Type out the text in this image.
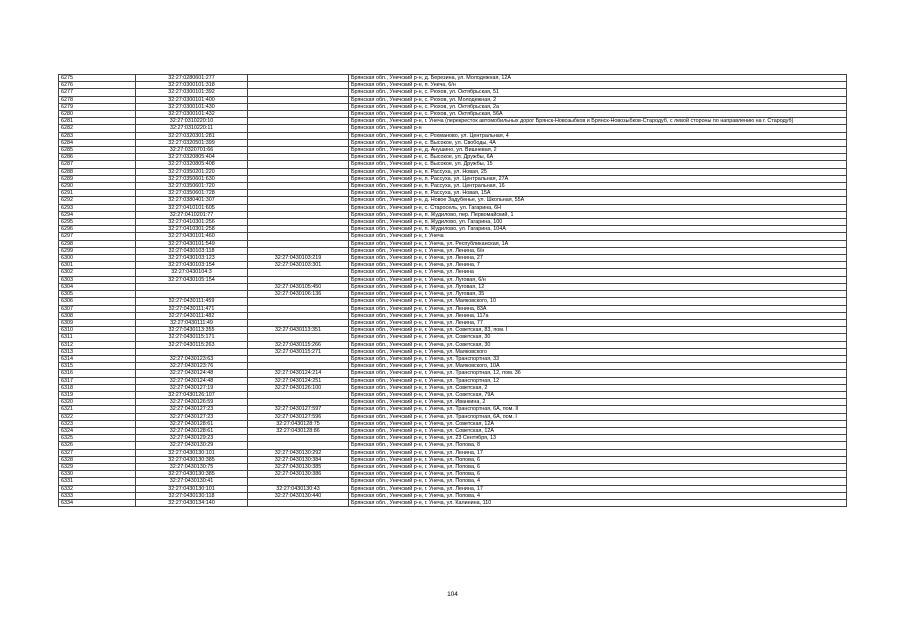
6275	32:27:0280601:277		Брянская обл., Унечский р-н, д. Березина, ул. Молодежная, 12А
6276	32:27:0300101:318		Брянская обл., Унечский р-н, п. Унеча, 6/н
6277	32:27:0300101:392		Брянская обл., Унечский р-н, с. Рюхов, ул. Октябрьская, 51
6278	32:27:0300101:400		Брянская обл., Унечский р-н, с. Рюхов, ул. Молодежная, 2
6279	32:27:0300101:430		Брянская обл., Унечский р-н, с. Рюхов, ул. Октябрьская, 2а
6280	32:27:0300101:432		Брянская обл., Унечский р-н, с. Рюхов, ул. Октябрьская, 56А
6281	32:27:0310220:10		Брянская обл., Унечский р-н, г. Унеча (перекресток автомобильных дорог Брянск-Новозыбков и Брянск-Новозыбков-Стародуб, с левой стороны по направлению на г. Стародуб)
6282	32:27:0310220:11		Брянская обл., Унечский р-н
6283	32:27:0320301:281		Брянская обл., Унечский р-н, с. Рохманово, ул. Центральная, 4
6284	32:27:0320501:399		Брянская обл., Унечский р-н, с. Высокое, ул. Свободы, 4А
6285	32:27:0320701:66		Брянская обл., Унечский р-н, д. Анушино, ул. Вишневая, 2
6286	32:27:0320805:404		Брянская обл., Унечский р-н, с. Высокое, ул. Дружбы, 6А
6287	32:27:0320805:408		Брянская обл., Унечский р-н, с. Высокое, ул. Дружбы, 15
6288	32:27:0350201:220		Брянская обл., Унечский р-н, п. Рассуха, ул. Новая, 25
6289	32:27:0350601:630		Брянская обл., Унечский р-н, п. Рассуха, ул. Центральная, 27А
6290	32:27:0350601:720		Брянская обл., Унечский р-н, п. Рассуха, ул. Центральная, 16
6291	32:27:0350601:728		Брянская обл., Унечский р-н, п. Рассуха, ул. Новая, 15А
6292	32:27:0380401:307		Брянская обл., Унечский р-н, д. Новое Задубенье, ул. Школьная, 55А
6293	32:27:0410101:605		Брянская обл., Унечский р-н, с. Старосель, ул. Гагарина, 6Н
6294	32:27:0410201:77		Брянская обл., Унечский р-н, п. Жудилово, пер. Первомайский, 1
6295	32:27:0410301:256		Брянская обл., Унечский р-н, п. Жудилово, ул. Гагарина, 100
6296	32:27:0410301:258		Брянская обл., Унечский р-н, п. Жудилово, ул. Гагарина, 104А
6297	32:27:0430101:460		Брянская обл., Унечский р-н, г. Унеча
6298	32:27:0430101:549		Брянская обл., Унечский р-н, г. Унеча, ул. Республиканская, 1А
6299	32:27:0430103:118		Брянская обл., Унечский р-н, г. Унеча, ул. Ленина, 6/н
6300	32:27:0430103:123	32:27:0430103:219	Брянская обл., Унечский р-н, г. Унеча, ул. Ленина, 27
6301	32:27:0430103:154	32:27:0430103:301	Брянская обл., Унечский р-н, г. Унеча, ул. Ленина, 7
6302	32:27:0430104:3		Брянская обл., Унечский р-н, г. Унеча, ул. Ленина
6303	32:27:0430105:154		Брянская обл., Унечский р-н, г. Унеча, ул. Луговая, 6/н
6304		32:27:0430105:450	Брянская обл., Унечский р-н, г. Унеча, ул. Луговая, 12
6305		32:27:0430106:136	Брянская обл., Унечский р-н, г. Унеча, ул. Луговая, 35
6306	32:27:0430111:459		Брянская обл., Унечский р-н, г. Унеча, ул. Маяковского, 10
6307	32:27:0430111:471		Брянская обл., Унечский р-н, г. Унеча, ул. Ленина, 83А
6308	32:27:0430111:482		Брянская обл., Унечский р-н, г. Унеча, ул. Ленина, 117а
6309	32:27:0430111:49		Брянская обл., Унечский р-н, г. Унеча, ул. Ленина, 77
6310	32:27:0430113:355	32:27:0430113:351	Брянская обл., Унечский р-н, г. Унеча, ул. Советская, 83, пом. I
6311	32:27:0430115:171		Брянская обл., Унечский р-н, г. Унеча, ул. Советская, 30
6312	32:27:0430115:263	32:27:0430115:266	Брянская обл., Унечский р-н, г. Унеча, ул. Советская, 30
6313		32:27:0430115:271	Брянская обл., Унечский р-н, г. Унеча, ул. Маяковского
6314	32:27:0430123:63		Брянская обл., Унечский р-н, г. Унеча, ул. Транспортная, 33
6315	32:27:0430123:76		Брянская обл., Унечский р-н, г. Унеча, ул. Маяковского, 10А
6316	32:27:0430124:48	32:27:0430124:214	Брянская обл., Унечский р-н, г. Унеча, ул. Транспортная, 12, пом. 36
6317	32:27:0430124:48	32:27:0430124:251	Брянская обл., Унечский р-н, г. Унеча, ул. Транспортная, 12
6318	32:27:0430127:19	32:27:0430126:100	Брянская обл., Унечский р-н, г. Унеча, ул. Советская, 2
6319	32:27:0430126:107		Брянская обл., Унечский р-н, г. Унеча, ул. Советская, 79А
6320	32:27:0430126:59		Брянская обл., Унечский р-н, г. Унеча, ул. Иванкина, 2
6321	32:27:0430127:23	32:27:0430127:597	Брянская обл., Унечский р-н, г. Унеча, ул. Транспортная, 6А, пом. II
6322	32:27:0430127:23	32:27:0430127:596	Брянская обл., Унечский р-н, г. Унеча, ул. Транспортная, 6А, пом. I
6323	32:27:0430128:61	32:27:0430128:75	Брянская обл., Унечский р-н, г. Унеча, ул. Советская, 12А
6324	32:27:0430128:61	32:27:0430128:86	Брянская обл., Унечский р-н, г. Унеча, ул. Советская, 12А
6325	32:27:0430129:23		Брянская обл., Унечский р-н, г. Унеча, ул. 23 Сентября, 13
6326	32:27:0430130:29		Брянская обл., Унечский р-н, г. Унеча, ул. Попова, 8
6327	32:27:0430130:101	32:27:0430130:292	Брянская обл., Унечский р-н, г. Унеча, ул. Ленина, 17
6328	32:27:0430130:385	32:27:0430130:384	Брянская обл., Унечский р-н, г. Унеча, ул. Попова, 6
6329	32:27:0430130:75	32:27:0430130:385	Брянская обл., Унечский р-н, г. Унеча, ул. Попова, 6
6330	32:27:0430130:385	32:27:0430130:386	Брянская обл., Унечский р-н, г. Унеча, ул. Попова, 6
6331	32:27:0430130:41		Брянская обл., Унечский р-н, г. Унеча, ул. Попова, 4
6332	32:27:0430130:101	32:27:0430130:43	Брянская обл., Унечский р-н, г. Унеча, ул. Ленина, 17
6333	32:27:0430130:118	32:27:0430130:440	Брянская обл., Унечский р-н, г. Унеча, ул. Попова, 4
6334	32:27:0430134:140		Брянская обл., Унечский р-н, г. Унеча, ул. Калинина, 110
104
